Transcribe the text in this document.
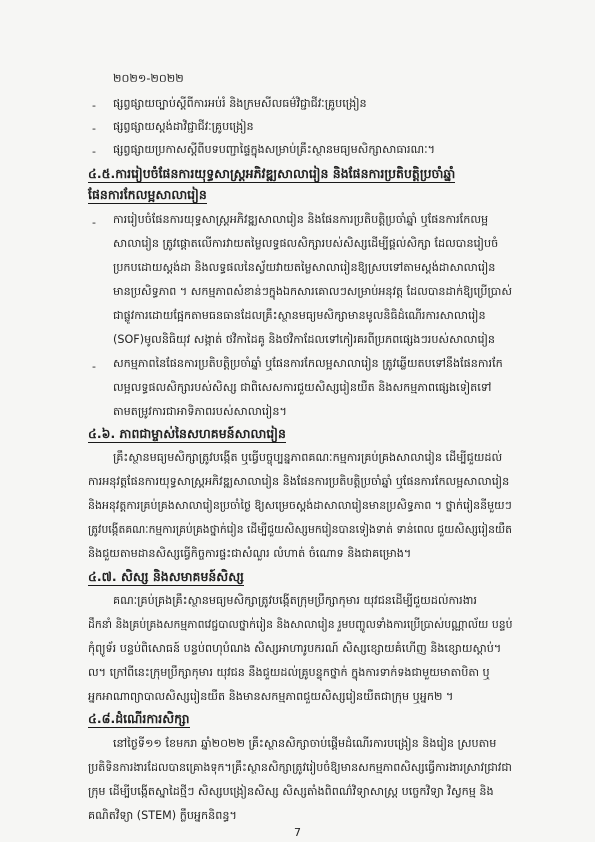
២០២១-២០២២
- ផ្សព្វផ្សាយច្បាប់ស្តីពីការអប់រំ និងក្រមសីលធម៌វិជ្ជាជីវៈគ្រូបង្រៀន
- ផ្សព្វផ្សាយស្តង់ដាវិជ្ជាជីវៈគ្រូបង្រៀន
- ផ្សព្វផ្សាយប្រកាសស្តីពីបទបញ្ជាផ្ទៃក្នុងសម្រាប់គ្រឹះស្ថានមធ្យមសិក្សាសាធារណៈ។
៤.៥.ការរៀបចំផែនការយុទ្ធសាស្ត្រអភិវឌ្ឍសាលារៀន និងផែនការប្រតិបត្តិប្រចាំឆ្នាំ
ផែនការកែលម្អសាលារៀន
- ការរៀបចំផែនការយុទ្ធសាស្ត្រអភិវឌ្ឍសាលារៀន និងផែនការប្រតិបត្តិប្រចាំឆ្នាំ ឬផែនការកែលម្អ
សាលារៀន ត្រូវផ្តោតលើការវាយតម្លៃលទ្ធផលសិក្សារបស់សិស្សដើម្បីផ្តល់សិក្សា ដែលបានរៀបចំ
ប្រកបដោយស្តង់ដា និងលទ្ធផលនៃស្វ័យវាយតម្លៃសាលារៀនឱ្យស្របទៅតាមស្តង់ដាសាលារៀន
មានប្រសិទ្ធភាព ។ សកម្មភាពសំខាន់ៗក្នុងឯកសារគោលៗសម្រាប់អនុវត្ត ដែលបានដាក់ឱ្យប្រើប្រាស់
ជាផ្លូវការដោយផ្អែកតាមធនធានដែលគ្រឹះស្ថានមធ្យមសិក្សាមានមូលនិធិដំណើរការសាលារៀន
(SOF)មូលនិធិយុវ សង្កាត់ ថវិកាដៃគូ និងថវិកាដែលទៅកៀរគរពីប្រភពផ្សេងៗរបស់សាលារៀន
- សកម្មភាពនៃផែនការប្រតិបត្តិប្រចាំឆ្នាំ ឬផែនការកែលម្អសាលារៀន ត្រូវឆ្លើយតបទៅនឹងផែនការកែ
លម្អលទ្ធផលសិក្សារបស់សិស្ស ជាពិសេសការជួយសិស្សរៀនយឺត និងសកម្មភាពផ្សេងទៀតទៅ
តាមតម្រូវការជាអាទិភាពរបស់សាលារៀន។
៤.៦. ភាពជាម្ចាស់នៃសហគមន៍សាលារៀន
គ្រឹះស្ថានមធ្យមសិក្សាត្រូវបង្កើត ឬធ្វើបច្ចុប្បន្នភាពគណៈកម្មការគ្រប់គ្រងសាលារៀន ដើម្បីជួយដល់
ការអនុវត្តផែនការយុទ្ធសាស្ត្រអភិវឌ្ឍសាលារៀន និងផែនការប្រតិបត្តិប្រចាំឆ្នាំ ឬផែនការកែលម្អសាលារៀន
និងអនុវត្តការគ្រប់គ្រងសាលារៀនប្រចាំថ្ងៃ ឱ្យសម្រេចស្តង់ដាសាលារៀនមានប្រសិទ្ធភាព ។ ថ្នាក់រៀននីមួយៗ
ត្រូវបង្កើតគណៈកម្មការគ្រប់គ្រងថ្នាក់រៀន ដើម្បីជួយសិស្សមករៀនបានទៀងទាត់ ទាន់ពេល ជួយសិស្សរៀនយឺត
និងជួយតាមដានសិស្សធ្វើកិច្ចការផ្ទះជាសំណួរ លំហាត់ ចំណោទ និងជាគម្រោង។
៤.៧. សិស្ស និងសមាគមន៍សិស្ស
គណៈគ្រប់គ្រងគ្រឹះស្ថានមធ្យមសិក្សាត្រូវបង្កើតក្រុមប្រឹក្សាកុមារ យុវជនដើម្បីជួយដល់ការងារ
ដឹកនាំ និងគ្រប់គ្រងសកម្មភាពវេជ្ជបាលថ្នាក់រៀន និងសាលារៀន រួមបញ្ចូលទាំងការប្រើប្រាស់បណ្ណាល័យ បន្ទប់
កុំព្យូទ័រ បន្ទប់ពិសោធន៍ បន្ទប់ពហុបំណង សិស្សអាហារូបករណ៍ សិស្សខ្សោយគំហើញ និងខ្សោយស្តាប់។
ល។ ក្រៅពីនេះក្រុមប្រឹក្សាកុមារ យុវជន នឹងជួយដល់គ្រូបន្ទុកថ្នាក់ ក្នុងការទាក់ទងជាមួយមាតាបិតា ឬ
អ្នកអាណាព្យាបាលសិស្សរៀនយឺត និងមានសកម្មភាពជួយសិស្សរៀនយឺតជាក្រុម ឬអ្នក២ ។
៤.៨.ដំណើរការសិក្សា
នៅថ្ងៃទី១១ ខែមករា ឆ្នាំ២០២២ គ្រឹះស្ថានសិក្សាចាប់ផ្តើមដំណើរការបង្រៀន និងរៀន ស្របតាម
ប្រតិទិនការងារដែលបានគ្រោងទុក។គ្រឹះស្ថានសិក្សាត្រូវរៀបចំឱ្យមានសកម្មភាពសិស្សធ្វើការងារស្រាវជ្រាវជា
ក្រុម ដើម្បីបង្កើតស្នាដៃថ្មីៗ សិស្សបង្រៀនសិស្ស សិស្សតាំងពិពណ៌វិទ្យាសាស្ត្រ បច្ចេកវិទ្យា វិស្វកម្ម និង
គណិតវិទ្យា (STEM) ក្លឹបអ្នកនិពន្ធ។
7
